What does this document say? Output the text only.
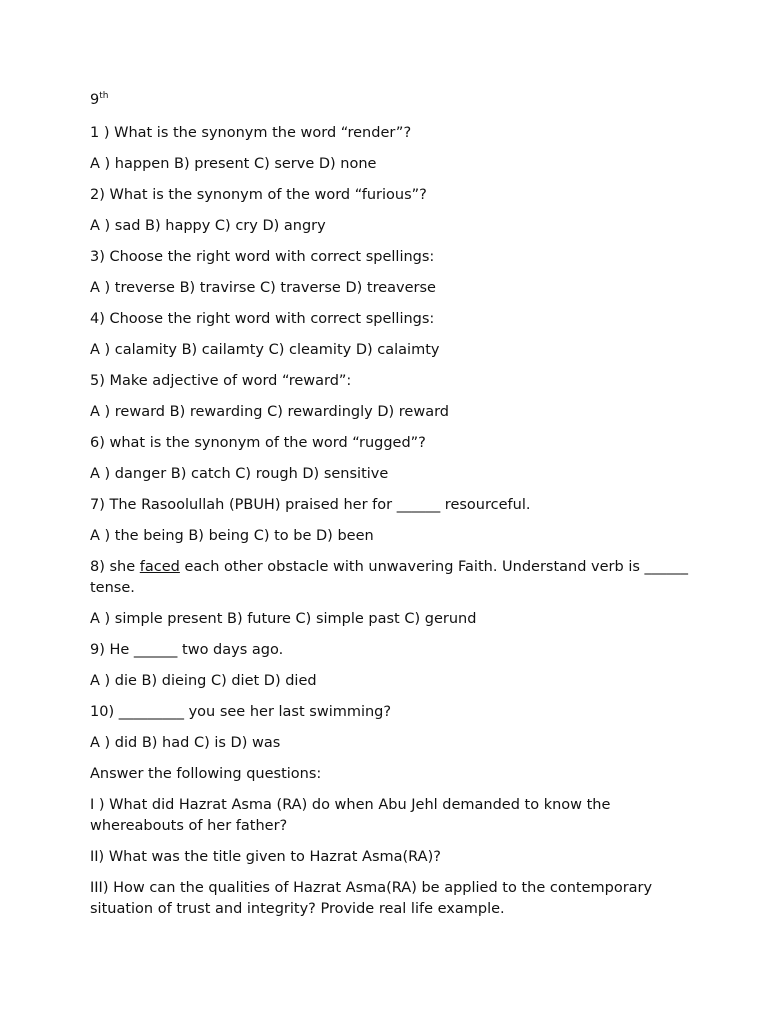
9th
1 ) What is the synonym the word “render”?
A ) happen B) present C) serve D) none
2) What is the synonym of the word “furious”?
A ) sad B) happy C) cry D) angry
3) Choose the right word with correct spellings:
A ) treverse B) travirse C) traverse D) treaverse
4) Choose the right word with correct spellings:
A ) calamity B) cailamty C) cleamity D) calaimty
5) Make adjective of word “reward”:
A ) reward B) rewarding C) rewardingly D) reward
6) what is the synonym of the word “rugged”?
A ) danger B) catch C) rough D) sensitive
7) The Rasoolullah (PBUH) praised her for ______ resourceful.
A ) the being B) being C) to be D) been
8) she faced each other obstacle with unwavering Faith. Understand verb is ______ tense.
A ) simple present B) future C) simple past C) gerund
9) He ______ two days ago.
A ) die B) dieing C) diet D) died
10) _________ you see her last swimming?
A ) did B) had C) is D) was
Answer the following questions:
I ) What did Hazrat Asma (RA) do when Abu Jehl demanded to know the whereabouts of her father?
II) What was the title given to Hazrat Asma(RA)?
III) How can the qualities of Hazrat Asma(RA) be applied to the contemporary situation of trust and integrity? Provide real life example.
